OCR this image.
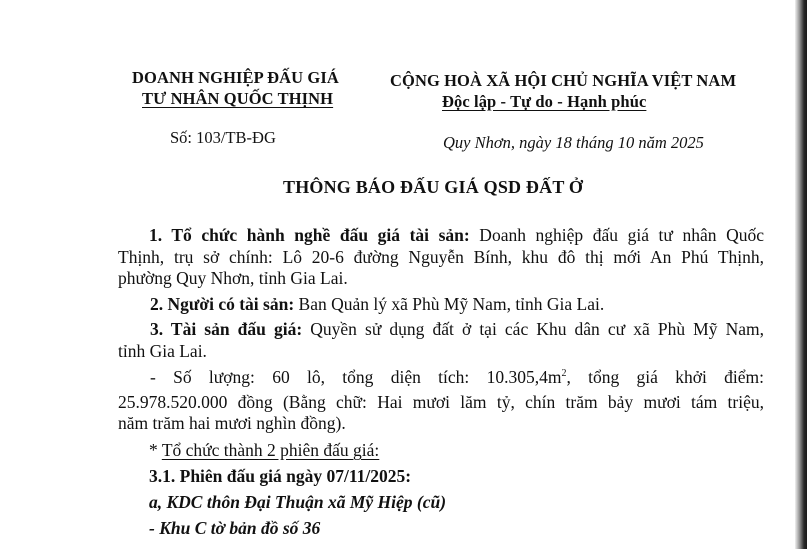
DOANH NGHIỆP ĐẤU GIÁ
TƯ NHÂN QUỐC THỊNH
Số: 103/TB-ĐG
CỘNG HOÀ XÃ HỘI CHỦ NGHĨA VIỆT NAM
Độc lập - Tự do - Hạnh phúc
Quy Nhơn, ngày 18 tháng 10 năm 2025
THÔNG BÁO ĐẤU GIÁ QSD ĐẤT Ở
1. Tổ chức hành nghề đấu giá tài sản: Doanh nghiệp đấu giá tư nhân Quốc
Thịnh, trụ sở chính: Lô 20-6 đường Nguyễn Bính, khu đô thị mới An Phú Thịnh,
phường Quy Nhơn, tỉnh Gia Lai.
2. Người có tài sản: Ban Quản lý xã Phù Mỹ Nam, tỉnh Gia Lai.
3. Tài sản đấu giá: Quyền sử dụng đất ở tại các Khu dân cư xã Phù Mỹ Nam,
tỉnh Gia Lai.
- Số lượng: 60 lô, tổng diện tích: $10.305,4m^2$, tổng giá khởi điểm:
25.978.520.000 đồng (Bằng chữ: Hai mươi lăm tỷ, chín trăm bảy mươi tám triệu,
năm trăm hai mươi nghìn đồng).
* Tổ chức thành 2 phiên đấu giá:
3.1. Phiên đấu giá ngày 07/11/2025:
a, KDC thôn Đại Thuận xã Mỹ Hiệp (cũ)
- Khu C tờ bản đồ số 36
